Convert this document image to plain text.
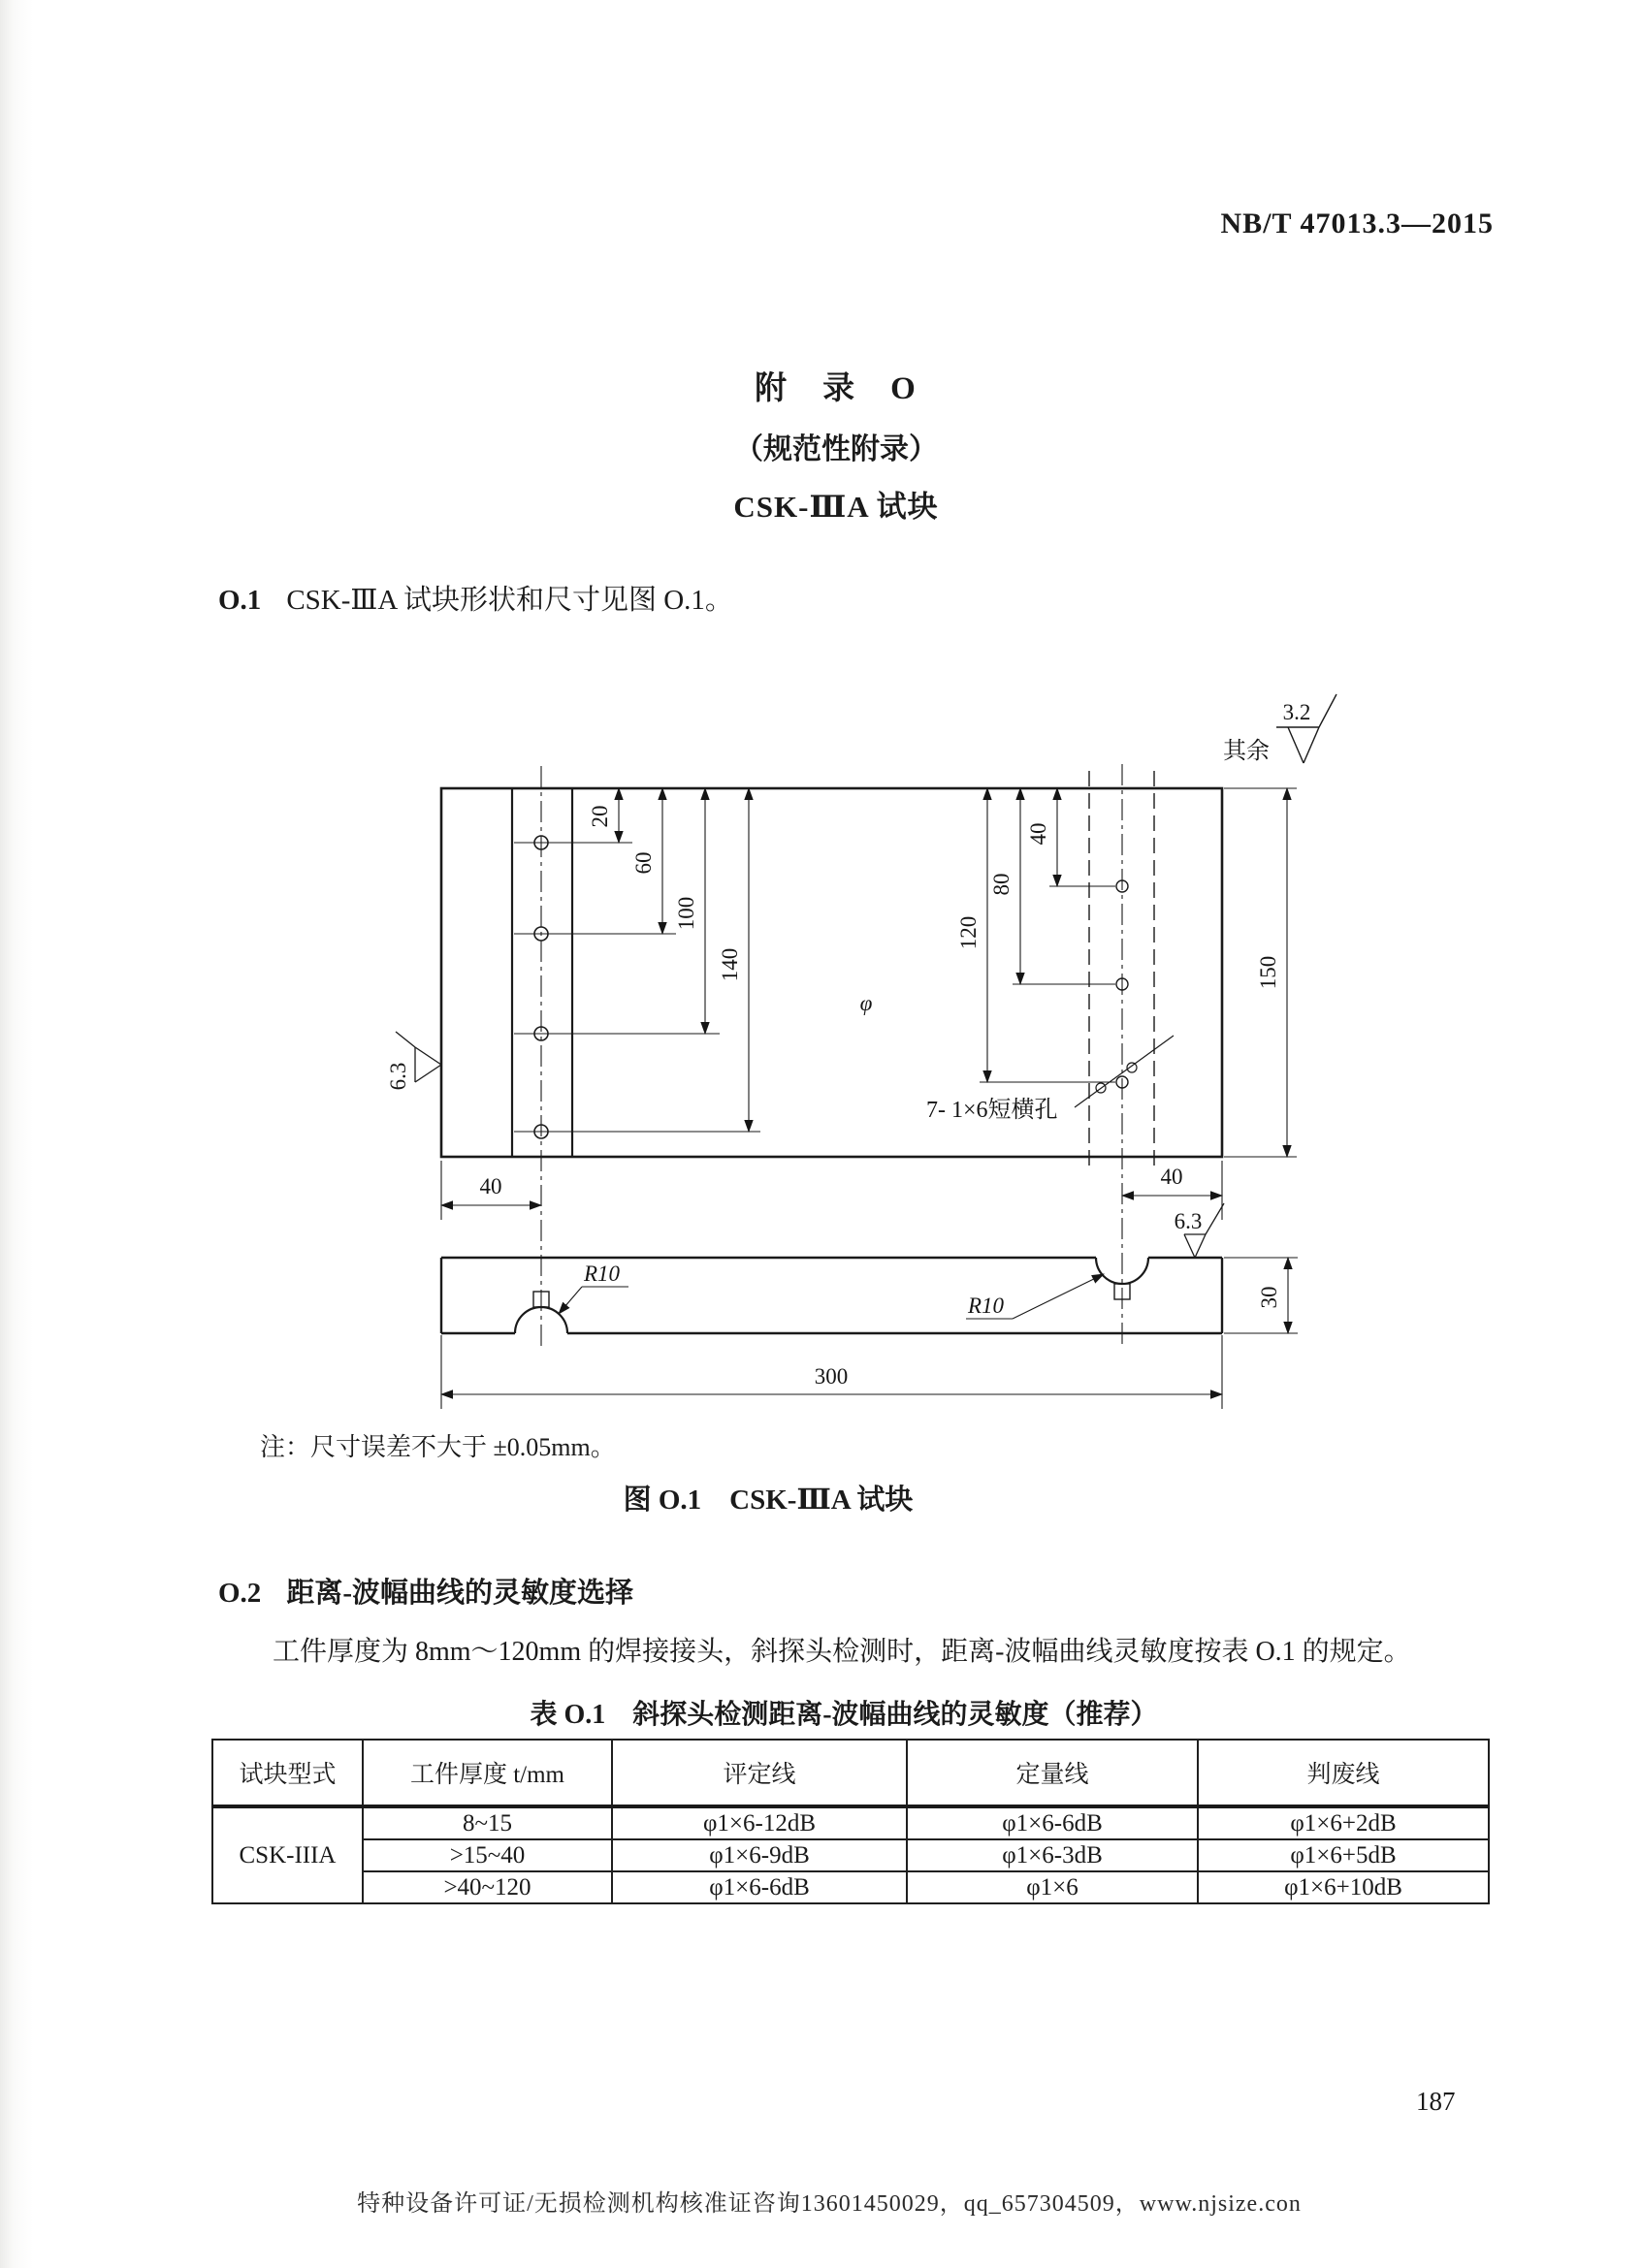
NB/T 47013.3—2015
附　录　O
（规范性附录）
CSK-ⅢA 试块
O.1 CSK-ⅢA 试块形状和尺寸见图 O.1。
20
60
100
140
40
80
120
φ
7- 1×6短横孔
150
40	40
6.3
其余
3.2
R10
R10
6.3
30
300
注：尺寸误差不大于 ±0.05mm。
图 O.1　CSK-ⅢA 试块
O.2 距离-波幅曲线的灵敏度选择
工件厚度为 8mm～120mm 的焊接接头，斜探头检测时，距离-波幅曲线灵敏度按表 O.1 的规定。
表 O.1　斜探头检测距离-波幅曲线的灵敏度（推荐）
试块型式	工件厚度 t/mm	评定线	定量线	判废线
CSK-IIIA	8~15	φ1×6-12dB	φ1×6-6dB	φ1×6+2dB
	>15~40	φ1×6-9dB	φ1×6-3dB	φ1×6+5dB
	>40~120	φ1×6-6dB	φ1×6	φ1×6+10dB
187
特种设备许可证/无损检测机构核准证咨询13601450029，qq_657304509，www.njsize.con
